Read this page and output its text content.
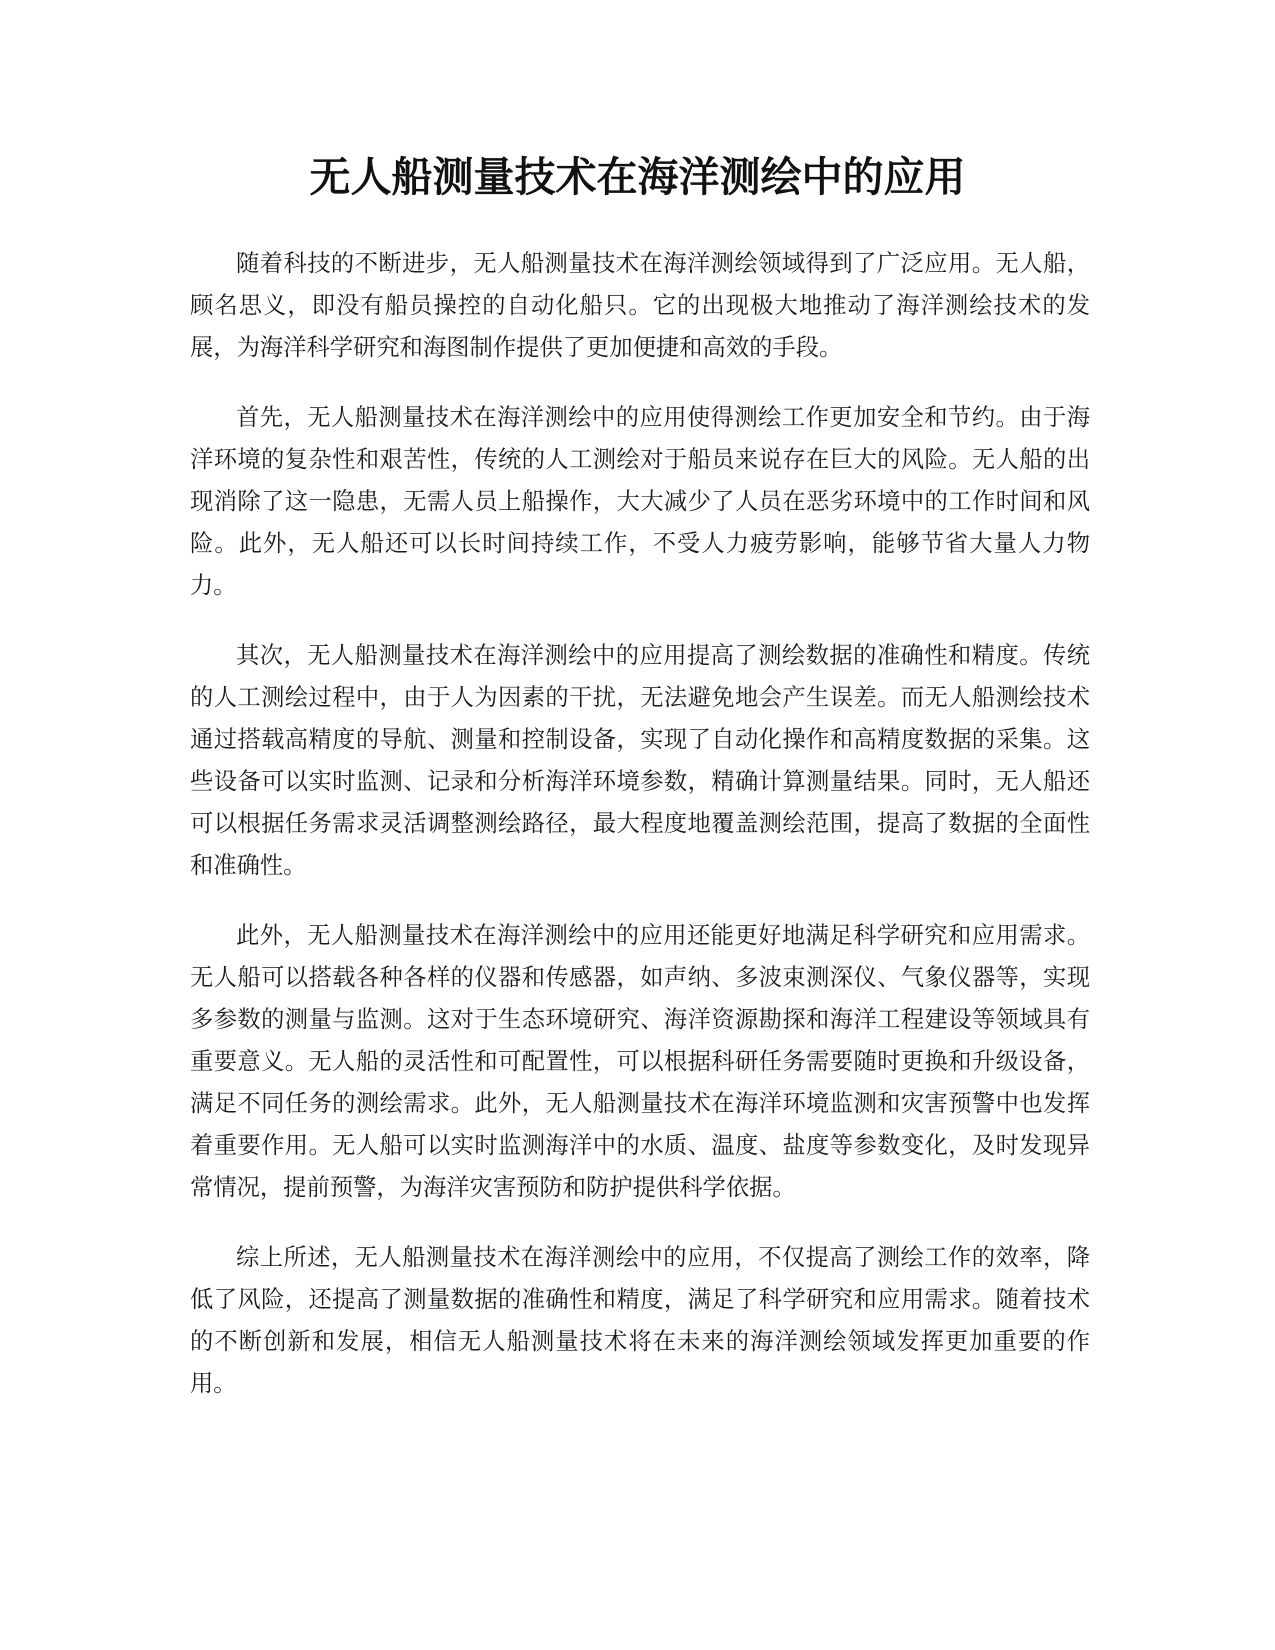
无人船测量技术在海洋测绘中的应用

随着科技的不断进步，无人船测量技术在海洋测绘领域得到了广泛应用。无人船，顾名思义，即没有船员操控的自动化船只。它的出现极大地推动了海洋测绘技术的发展，为海洋科学研究和海图制作提供了更加便捷和高效的手段。

首先，无人船测量技术在海洋测绘中的应用使得测绘工作更加安全和节约。由于海洋环境的复杂性和艰苦性，传统的人工测绘对于船员来说存在巨大的风险。无人船的出现消除了这一隐患，无需人员上船操作，大大减少了人员在恶劣环境中的工作时间和风险。此外，无人船还可以长时间持续工作，不受人力疲劳影响，能够节省大量人力物力。

其次，无人船测量技术在海洋测绘中的应用提高了测绘数据的准确性和精度。传统的人工测绘过程中，由于人为因素的干扰，无法避免地会产生误差。而无人船测绘技术通过搭载高精度的导航、测量和控制设备，实现了自动化操作和高精度数据的采集。这些设备可以实时监测、记录和分析海洋环境参数，精确计算测量结果。同时，无人船还可以根据任务需求灵活调整测绘路径，最大程度地覆盖测绘范围，提高了数据的全面性和准确性。

此外，无人船测量技术在海洋测绘中的应用还能更好地满足科学研究和应用需求。无人船可以搭载各种各样的仪器和传感器，如声纳、多波束测深仪、气象仪器等，实现多参数的测量与监测。这对于生态环境研究、海洋资源勘探和海洋工程建设等领域具有重要意义。无人船的灵活性和可配置性，可以根据科研任务需要随时更换和升级设备，满足不同任务的测绘需求。此外，无人船测量技术在海洋环境监测和灾害预警中也发挥着重要作用。无人船可以实时监测海洋中的水质、温度、盐度等参数变化，及时发现异常情况，提前预警，为海洋灾害预防和防护提供科学依据。

综上所述，无人船测量技术在海洋测绘中的应用，不仅提高了测绘工作的效率，降低了风险，还提高了测量数据的准确性和精度，满足了科学研究和应用需求。随着技术的不断创新和发展，相信无人船测量技术将在未来的海洋测绘领域发挥更加重要的作用。
